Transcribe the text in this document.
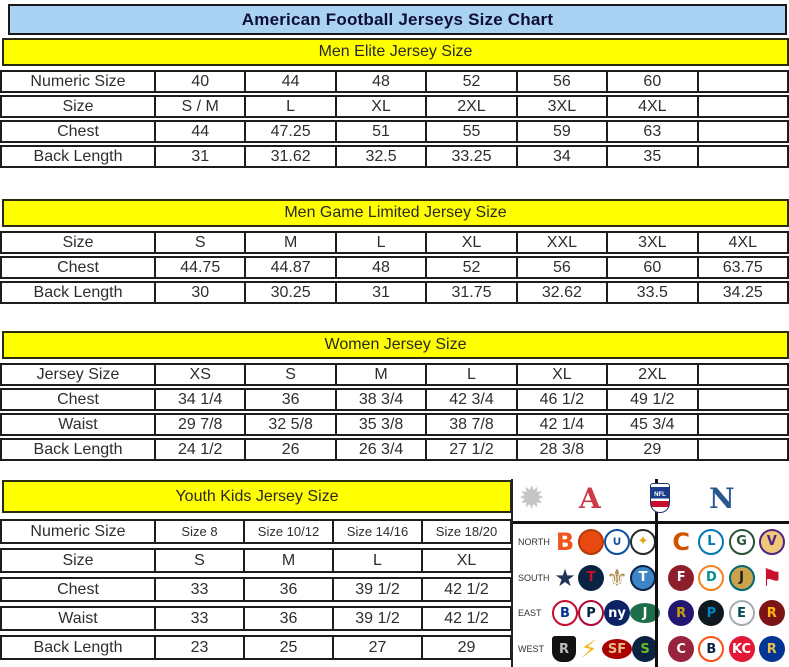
American Football Jerseys Size Chart
Men Elite Jersey Size
Numeric Size	40	44	48	52	56	60
Size	S / M	L	XL	2XL	3XL	4XL
Chest	44	47.25	51	55	59	63
Back Length	31	31.62	32.5	33.25	34	35
Men Game Limited Jersey Size
Size	S	M	L	XL	XXL	3XL	4XL
Chest	44.75	44.87	48	52	56	60	63.75
Back Length	30	30.25	31	31.75	32.62	33.5	34.25
Women Jersey Size
Jersey Size	XS	S	M	L	XL	2XL
Chest	34 1/4	36	38 3/4	42 3/4	46 1/2	49 1/2
Waist	29 7/8	32 5/8	35 3/8	38 7/8	42 1/4	45 3/4
Back Length	24 1/2	26	26 3/4	27 1/2	28 3/8	29
Youth Kids Jersey Size
Numeric Size	Size 8	Size 10/12	Size 14/16	Size 18/20
Size	S	M	L	XL
Chest	33	36	39 1/2	42 1/2
Waist	33	36	39 1/2	42 1/2
Back Length	23	25	27	29
✹ A	NFL N
NORTH B	∪	✦ C	L	G	V
SOUTH ★ T ⚜ T	F	D	J ⚑
EAST	B	P ny	J	R	P	E	R
WEST	R ⚡ SF	S	C	B	KC	R
